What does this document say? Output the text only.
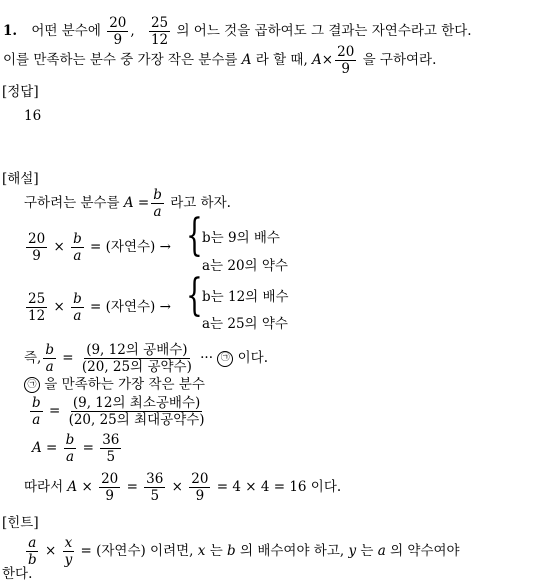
1. 어떤 분수에 $\frac{20}{9}$ , $\frac{25}{12}$ 의 어느 것을 곱하여도 그 결과는 자연수라고 한다.
이를 만족하는 분수 중 가장 작은 분수를 A 라 할 때, $A\times \frac{20}{9}$ 을 구하여라.
[정답]
16
[해설]
구하려는 분수를 $A = \frac{b}{a}$ 라고 하자.
$\frac{20}{9} \times \frac{b}{a}$ = (자연수) → { b는 9의 배수
a는 20의 약수
$\frac{25}{12} \times \frac{b}{a}$ = (자연수) → { b는 12의 배수
a는 25의 약수
즉, $\frac{b}{a} = \frac{\text{(9, 12의 공배수)}}{\text{(20, 25의 공약수)}}$ ··· ㉠ 이다.
㉠ 을 만족하는 가장 작은 분수
$\frac{b}{a} = \frac{\text{(9, 12의 최소공배수)}}{\text{(20, 25의 최대공약수)}}$
$A = \frac{b}{a} = \frac{36}{5}$
따라서 $A \times \frac{20}{9} = \frac{36}{5} \times \frac{20}{9} = 4 \times 4 = 16$ 이다.
[힌트]
$\frac{a}{b} \times \frac{x}{y}$ = (자연수) 이려면, x 는 b 의 배수여야 하고, y 는 a 의 약수여야
한다.
